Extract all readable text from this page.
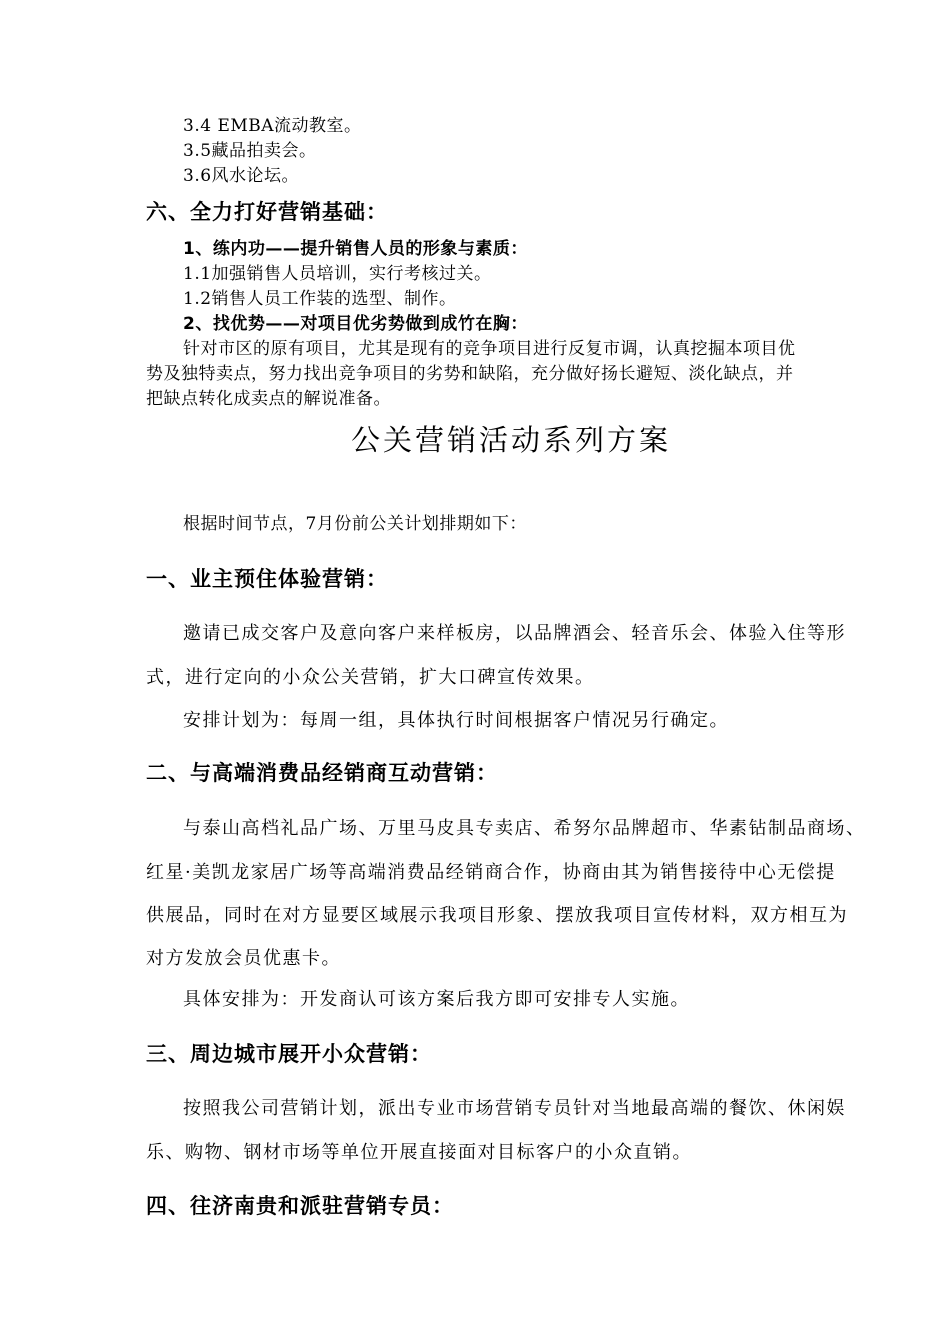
3.4 EMBA流动教室。
3.5藏品拍卖会。
3.6风水论坛。
六、全力打好营销基础：
1、练内功——提升销售人员的形象与素质：
1.1加强销售人员培训，实行考核过关。
1.2销售人员工作装的选型、制作。
2、找优势——对项目优劣势做到成竹在胸：
针对市区的原有项目，尤其是现有的竞争项目进行反复市调，认真挖掘本项目优
势及独特卖点，努力找出竞争项目的劣势和缺陷，充分做好扬长避短、淡化缺点，并
把缺点转化成卖点的解说准备。
公关营销活动系列方案
根据时间节点，7月份前公关计划排期如下：
一、业主预住体验营销：
邀请已成交客户及意向客户来样板房，以品牌酒会、轻音乐会、体验入住等形
式，进行定向的小众公关营销，扩大口碑宣传效果。
安排计划为：每周一组，具体执行时间根据客户情况另行确定。
二、与高端消费品经销商互动营销：
与泰山高档礼品广场、万里马皮具专卖店、希努尔品牌超市、华素钻制品商场、
红星·美凯龙家居广场等高端消费品经销商合作，协商由其为销售接待中心无偿提
供展品，同时在对方显要区域展示我项目形象、摆放我项目宣传材料，双方相互为
对方发放会员优惠卡。
具体安排为：开发商认可该方案后我方即可安排专人实施。
三、周边城市展开小众营销：
按照我公司营销计划，派出专业市场营销专员针对当地最高端的餐饮、休闲娱
乐、购物、钢材市场等单位开展直接面对目标客户的小众直销。
四、往济南贵和派驻营销专员：
